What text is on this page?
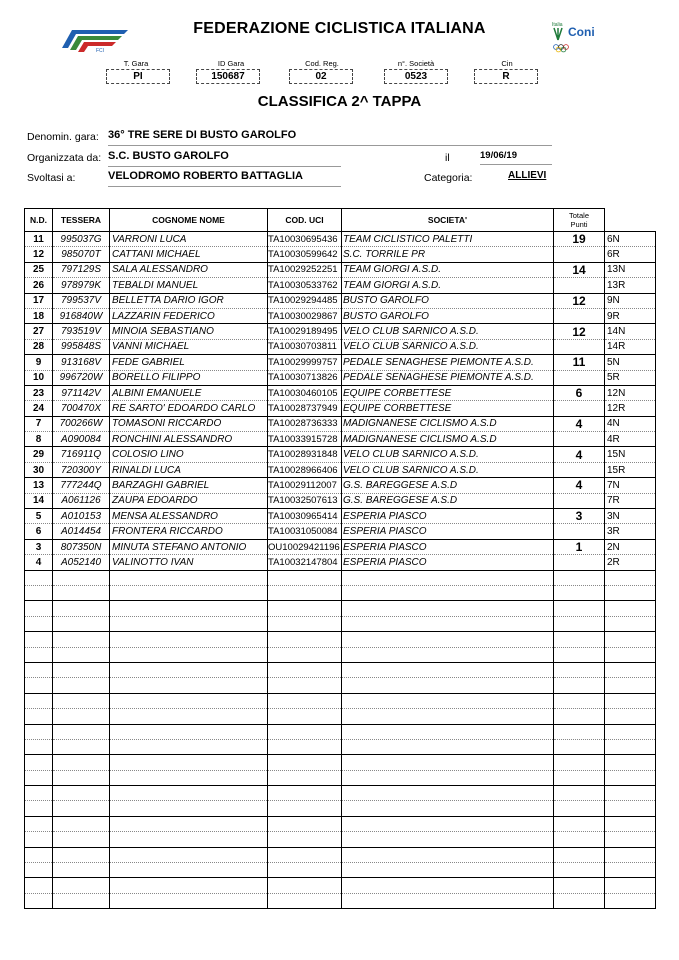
FCI
Italia Coni
FEDERAZIONE CICLISTICA ITALIANA
T. Gara
PI
ID Gara
150687
Cod. Reg.
02
n°. Società
0523
Cin
R
CLASSIFICA 2^ TAPPA
Denomin. gara: 36° TRE SERE DI BUSTO GAROLFO
Organizzata da: S.C. BUSTO GAROLFO	il	19/06/19
Svoltasi a:	VELODROMO ROBERTO BATTAGLIA	Categoria:	ALLIEVI
N.D.	TESSERA	COGNOME NOME	COD. UCI	SOCIETA'	Totale
Punti	

11	995037G	VARRONI LUCA	TA10030695436	TEAM CICLISTICO PALETTI	19	6N
12	985070T	CATTANI MICHAEL	TA10030599642	S.C. TORRILE PR		6R
25	797129S	SALA ALESSANDRO	TA10029252251	TEAM GIORGI A.S.D.	14	13N
26	978979K	TEBALDI MANUEL	TA10030533762	TEAM GIORGI A.S.D.		13R
17	799537V	BELLETTA DARIO IGOR	TA10029294485	BUSTO GAROLFO	12	9N
18	916840W	LAZZARIN FEDERICO	TA10030029867	BUSTO GAROLFO		9R
27	793519V	MINOIA SEBASTIANO	TA10029189495	VELO CLUB SARNICO A.S.D.	12	14N
28	995848S	VANNI MICHAEL	TA10030703811	VELO CLUB SARNICO A.S.D.		14R
9	913168V	FEDE GABRIEL	TA10029999757	PEDALE SENAGHESE PIEMONTE A.S.D.	11	5N
10	996720W	BORELLO FILIPPO	TA10030713826	PEDALE SENAGHESE PIEMONTE A.S.D.		5R
23	971142V	ALBINI EMANUELE	TA10030460105	EQUIPE CORBETTESE	6	12N
24	700470X	RE SARTO' EDOARDO CARLO	TA10028737949	EQUIPE CORBETTESE		12R
7	700266W	TOMASONI RICCARDO	TA10028736333	MADIGNANESE CICLISMO A.S.D	4	4N
8	A090084	RONCHINI ALESSANDRO	TA10033915728	MADIGNANESE CICLISMO A.S.D		4R
29	716911Q	COLOSIO LINO	TA10028931848	VELO CLUB SARNICO A.S.D.	4	15N
30	720300Y	RINALDI LUCA	TA10028966406	VELO CLUB SARNICO A.S.D.		15R
13	777244Q	BARZAGHI GABRIEL	TA10029112007	G.S. BAREGGESE A.S.D	4	7N
14	A061126	ZAUPA EDOARDO	TA10032507613	G.S. BAREGGESE A.S.D		7R
5	A010153	MENSA ALESSANDRO	TA10030965414	ESPERIA PIASCO	3	3N
6	A014454	FRONTERA RICCARDO	TA10031050084	ESPERIA PIASCO		3R
3	807350N	MINUTA STEFANO ANTONIO	OU10029421196	ESPERIA PIASCO	1	2N
4	A052140	VALINOTTO IVAN	TA10032147804	ESPERIA PIASCO		2R
